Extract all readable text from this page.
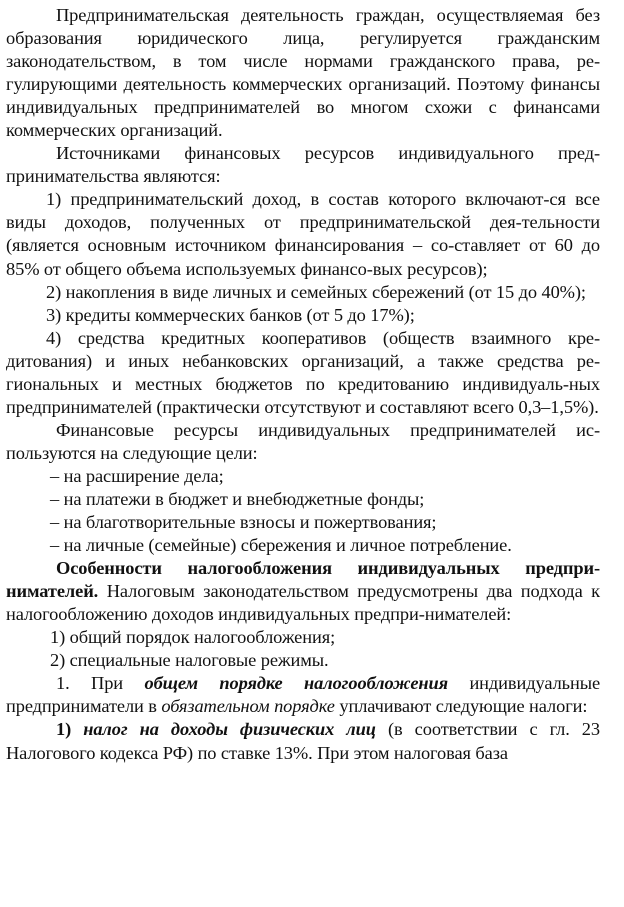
Предпринимательская деятельность граждан, осуществляемая без образования юридического лица, регулируется гражданским законодательством, в том числе нормами гражданского права, ре-гулирующими деятельность коммерческих организаций. Поэтому финансы индивидуальных предпринимателей во многом схожи с финансами коммерческих организаций.

Источниками финансовых ресурсов индивидуального пред-принимательства являются:

1) предпринимательский доход, в состав которого включают-ся все виды доходов, полученных от предпринимательской дея-тельности (является основным источником финансирования – со-ставляет от 60 до 85% от общего объема используемых финансо-вых ресурсов);

2) накопления в виде личных и семейных сбережений (от 15 до 40%);

3) кредиты коммерческих банков (от 5 до 17%);

4) средства кредитных кооперативов (обществ взаимного кре-дитования) и иных небанковских организаций, а также средства ре-гиональных и местных бюджетов по кредитованию индивидуаль-ных предпринимателей (практически отсутствуют и составляют всего 0,3–1,5%).

Финансовые ресурсы индивидуальных предпринимателей ис-пользуются на следующие цели:

– на расширение дела;

– на платежи в бюджет и внебюджетные фонды;

– на благотворительные взносы и пожертвования;

– на личные (семейные) сбережения и личное потребление.

Особенности налогообложения индивидуальных предпри-нимателей. Налоговым законодательством предусмотрены два подхода к налогообложению доходов индивидуальных предпри-нимателей:

1) общий порядок налогообложения;

2) специальные налоговые режимы.

1. При общем порядке налогообложения индивидуальные предприниматели в обязательном порядке уплачивают следующие налоги:

1) налог на доходы физических лиц (в соответствии с гл. 23 Налогового кодекса РФ) по ставке 13%. При этом налоговая база
